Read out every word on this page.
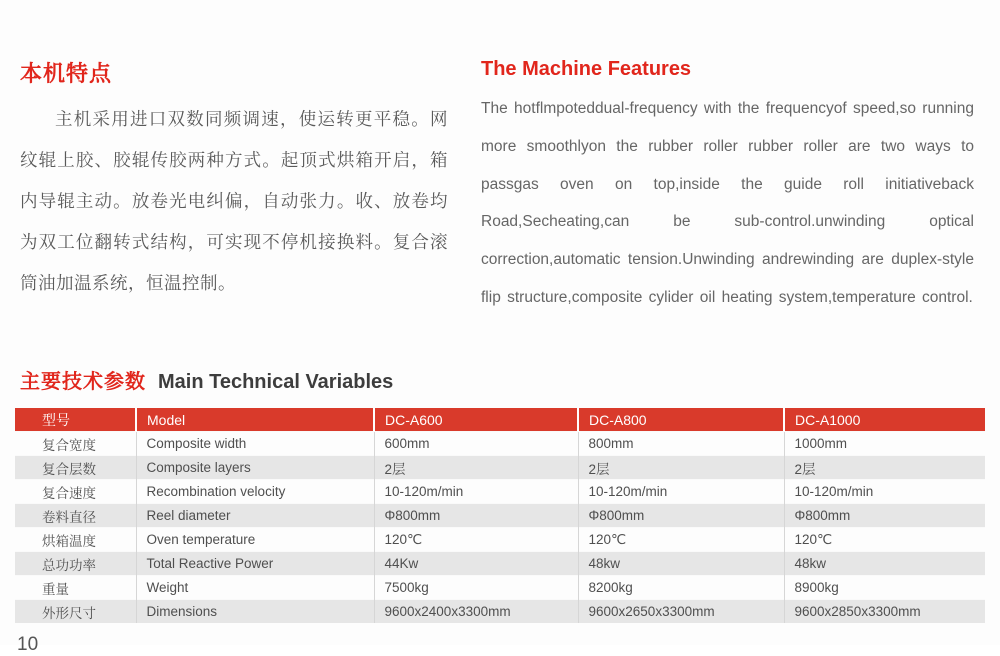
本机特点
主机采用进口双数同频调速，使运转更平稳。网纹辊上胶、胶辊传胶两种方式。起顶式烘箱开启，箱内导辊主动。放卷光电纠偏，自动张力。收、放卷均为双工位翻转式结构，可实现不停机接换料。复合滚筒油加温系统，恒温控制。
The Machine Features
The hotflmpoteddual-frequency with the frequencyof speed,so running more smoothlyon the rubber roller rubber roller are two ways to passgas oven on top,inside the guide roll initiativeback Road,Secheating,can be sub-control.unwinding optical correction,automatic tension.Unwinding andrewinding are duplex-style flip structure,composite cylider oil heating system,temperature control.
主要技术参数 Main Technical Variables
型号	Model	DC-A600	DC-A800	DC-A1000
复合宽度	Composite width	600mm	800mm	1000mm
复合层数	Composite layers	2层	2层	2层
复合速度	Recombination velocity	10-120m/min	10-120m/min	10-120m/min
卷料直径	Reel diameter	Φ800mm	Φ800mm	Φ800mm
烘箱温度	Oven temperature	120℃	120℃	120℃
总功功率	Total Reactive Power	44Kw	48kw	48kw
重量	Weight	7500kg	8200kg	8900kg
外形尺寸	Dimensions	9600x2400x3300mm	9600x2650x3300mm	9600x2850x3300mm
10
